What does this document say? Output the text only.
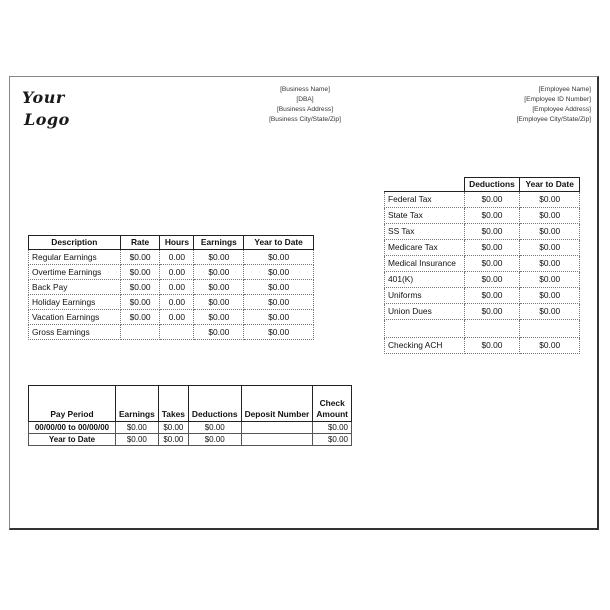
Your
Logo
[Business Name]
[DBA]
[Business Address]
[Business City/State/Zip]
[Employee Name]
[Employee ID Number]
[Employee Address]
[Employee City/State/Zip]
Description	Rate	Hours	Earnings	Year to Date
Regular Earnings	$0.00	0.00	$0.00	$0.00
Overtime Earnings	$0.00	0.00	$0.00	$0.00
Back Pay	$0.00	0.00	$0.00	$0.00
Holiday Earnings	$0.00	0.00	$0.00	$0.00
Vacation Earnings	$0.00	0.00	$0.00	$0.00
Gross Earnings			$0.00	$0.00
	Deductions	Year to Date
Federal Tax	$0.00	$0.00
State Tax	$0.00	$0.00
SS Tax	$0.00	$0.00
Medicare Tax	$0.00	$0.00
Medical Insurance	$0.00	$0.00
401(K)	$0.00	$0.00
Uniforms	$0.00	$0.00
Union Dues	$0.00	$0.00

Checking ACH	$0.00	$0.00
Pay Period	Earnings	Takes	Deductions	Deposit Number	Check Amount
00/00/00 to 00/00/00	$0.00	$0.00	$0.00		$0.00
Year to Date	$0.00	$0.00	$0.00		$0.00
